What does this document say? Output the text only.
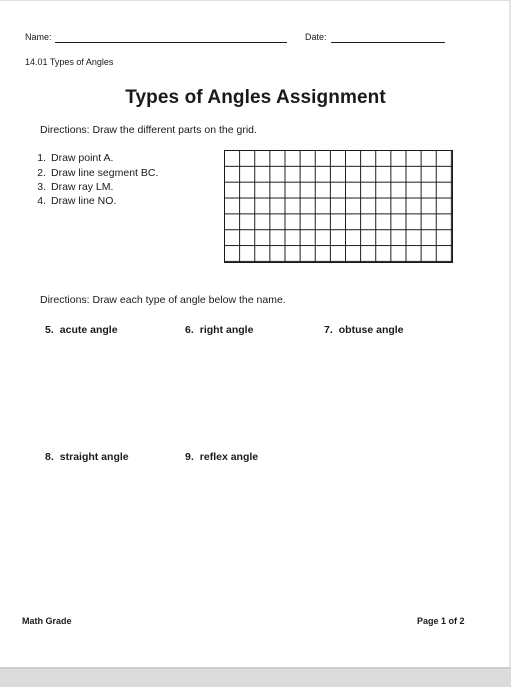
Name:	Date:
14.01 Types of Angles
Types of Angles Assignment
Directions: Draw the different parts on the grid.
1. Draw point A.
2. Draw line segment BC.
3. Draw ray LM.
4. Draw line NO.
Directions: Draw each type of angle below the name.
5. acute angle	6. right angle	7. obtuse angle
8. straight angle	9. reflex angle
Math Grade	Page 1 of 2
